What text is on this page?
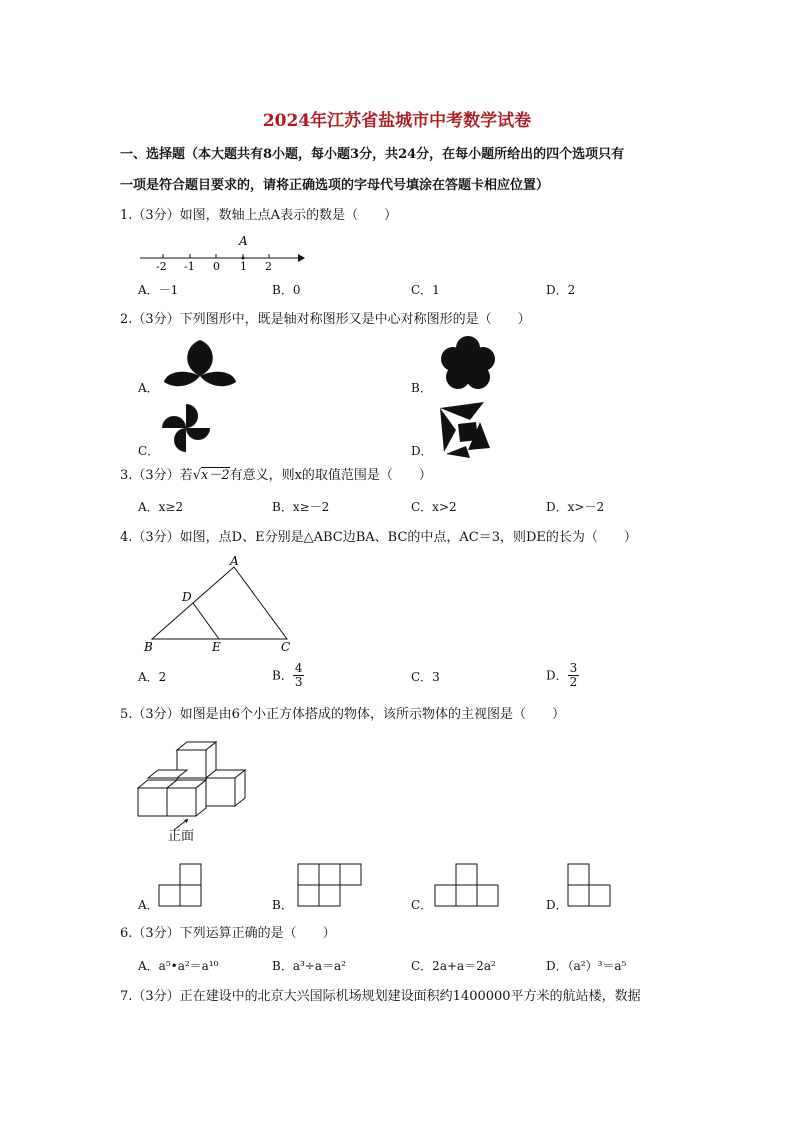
2024年江苏省盐城市中考数学试卷
一、选择题（本大题共有8小题，每小题3分，共24分，在每小题所给出的四个选项只有
一项是符合题目要求的，请将正确选项的字母代号填涂在答题卡相应位置）
1.（3分）如图，数轴上点A表示的数是（　　）
A
-2 -1 0 1 2
A．－1	B．0	C．1	D．2
2.（3分）下列图形中，既是轴对称图形又是中心对称图形的是（　　）
A．	B．
C．	D．
3.（3分）若√x－2有意义，则x的取值范围是（　　）
A．x≥2	B．x≥－2	C．x>2	D．x>－2
4.（3分）如图，点D、E分别是△ABC边BA、BC的中点，AC＝3，则DE的长为（　　）
A
D
B	E	C
A．2	B． $\frac{4}{3}$	C．3	D． $\frac{3}{2}$
5.（3分）如图是由6个小正方体搭成的物体，该所示物体的主视图是（　　）
正面
A．	B．	C．	D．
6.（3分）下列运算正确的是（　　）
A．a⁵•a²＝a¹⁰	B．a³÷a＝a²	C．2a+a＝2a²	D．（a²）³＝a⁵
7.（3分）正在建设中的北京大兴国际机场规划建设面积约1400000平方米的航站楼，数据
